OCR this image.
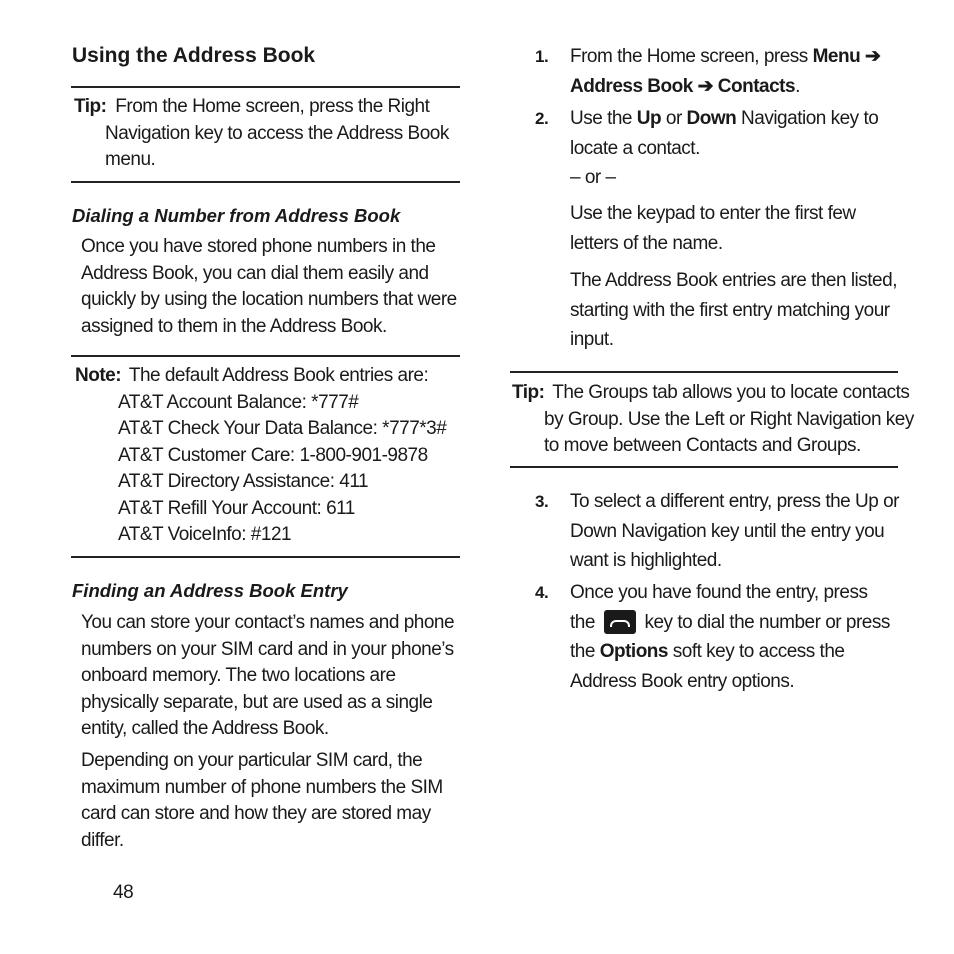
Using the Address Book
Tip: From the Home screen, press the Right
Navigation key to access the Address Book
menu.
Dialing a Number from Address Book
Once you have stored phone numbers in the
Address Book, you can dial them easily and
quickly by using the location numbers that were
assigned to them in the Address Book.
Note: The default Address Book entries are:
AT&T Account Balance: *777#
AT&T Check Your Data Balance: *777*3#
AT&T Customer Care: 1-800-901-9878
AT&T Directory Assistance: 411
AT&T Refill Your Account: 611
AT&T VoiceInfo: #121
Finding an Address Book Entry
You can store your contact’s names and phone
numbers on your SIM card and in your phone’s
onboard memory. The two locations are
physically separate, but are used as a single
entity, called the Address Book.
Depending on your particular SIM card, the
maximum number of phone numbers the SIM
card can store and how they are stored may
differ.
48
1. From the Home screen, press Menu ➔
Address Book ➔ Contacts.
2. Use the Up or Down Navigation key to
locate a contact.
– or –
Use the keypad to enter the first few
letters of the name.
The Address Book entries are then listed,
starting with the first entry matching your
input.
Tip: The Groups tab allows you to locate contacts
by Group. Use the Left or Right Navigation key
to move between Contacts and Groups.
3. To select a different entry, press the Up or
Down Navigation key until the entry you
want is highlighted.
4. Once you have found the entry, press
the  key to dial the number or press
the Options soft key to access the
Address Book entry options.
